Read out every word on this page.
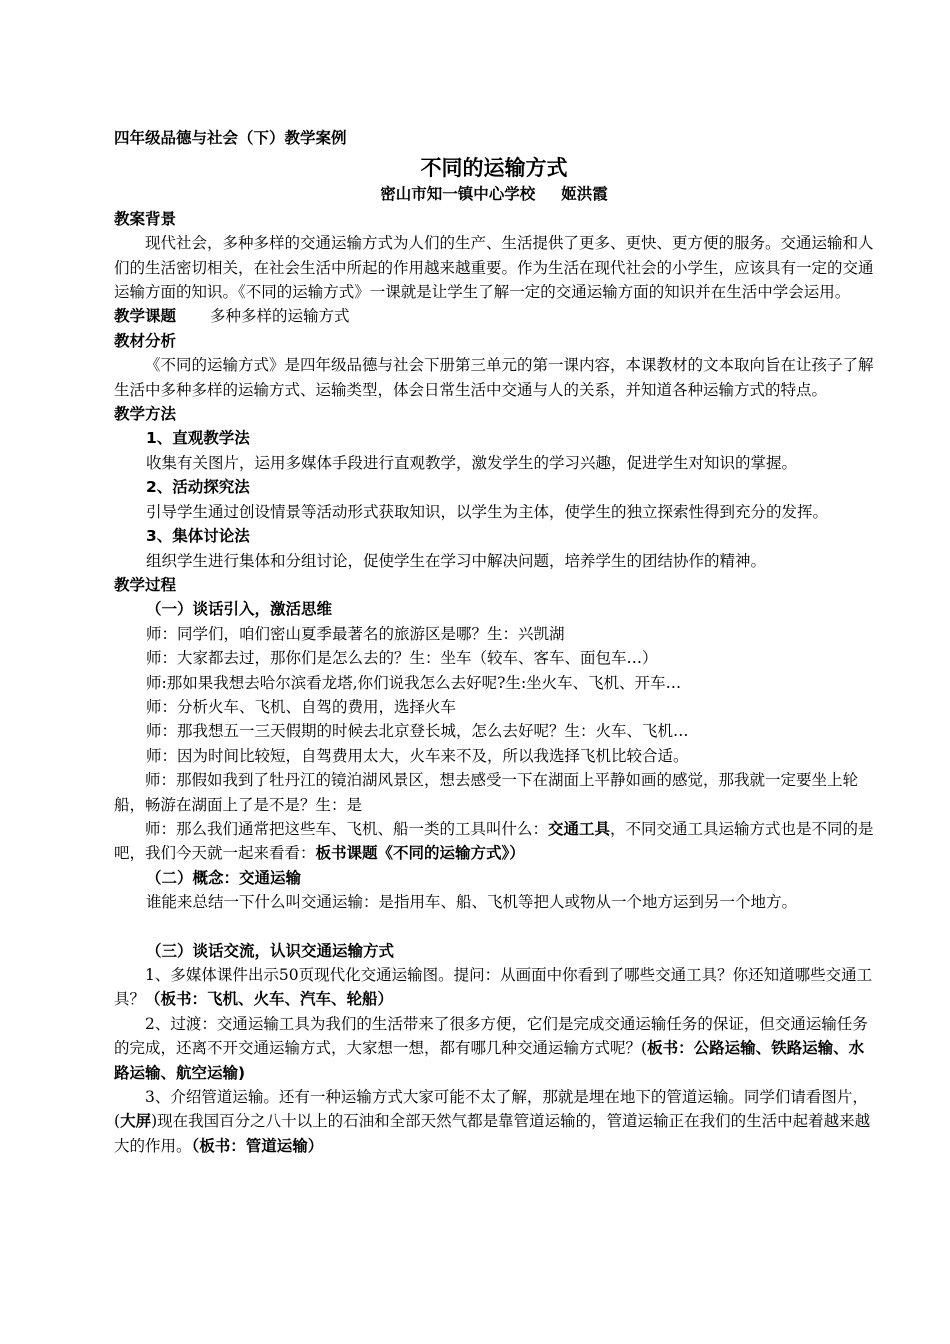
四年级品德与社会（下）教学案例

不同的运输方式

密山市知一镇中心学校 姬洪霞

教案背景

现代社会，多种多样的交通运输方式为人们的生产、生活提供了更多、更快、更方便的服务。交通运输和人们的生活密切相关，在社会生活中所起的作用越来越重要。作为生活在现代社会的小学生，应该具有一定的交通运输方面的知识。《不同的运输方式》一课就是让学生了解一定的交通运输方面的知识并在生活中学会运用。

教学课题 多种多样的运输方式

教材分析

《不同的运输方式》是四年级品德与社会下册第三单元的第一课内容，本课教材的文本取向旨在让孩子了解生活中多种多样的运输方式、运输类型，体会日常生活中交通与人的关系，并知道各种运输方式的特点。

教学方法

1、直观教学法

收集有关图片，运用多媒体手段进行直观教学，激发学生的学习兴趣，促进学生对知识的掌握。

2、活动探究法

引导学生通过创设情景等活动形式获取知识，以学生为主体，使学生的独立探索性得到充分的发挥。

3、集体讨论法

组织学生进行集体和分组讨论，促使学生在学习中解决问题，培养学生的团结协作的精神。

教学过程

（一）谈话引入，激活思维

师：同学们，咱们密山夏季最著名的旅游区是哪？生：兴凯湖

师：大家都去过，那你们是怎么去的？生：坐车（较车、客车、面包车…）

师:那如果我想去哈尔滨看龙塔,你们说我怎么去好呢?生:坐火车、飞机、开车…

师：分析火车、飞机、自驾的费用，选择火车

师：那我想五一三天假期的时候去北京登长城，怎么去好呢？生：火车、飞机…

师：因为时间比较短，自驾费用太大，火车来不及，所以我选择飞机比较合适。

师：那假如我到了牡丹江的镜泊湖风景区，想去感受一下在湖面上平静如画的感觉，那我就一定要坐上轮船，畅游在湖面上了是不是？生：是

师：那么我们通常把这些车、飞机、船一类的工具叫什么：交通工具，不同交通工具运输方式也是不同的是吧，我们今天就一起来看看：板书课题《不同的运输方式》）

（二）概念：交通运输

谁能来总结一下什么叫交通运输：是指用车、船、飞机等把人或物从一个地方运到另一个地方。

（三）谈话交流，认识交通运输方式

1、多媒体课件出示50页现代化交通运输图。提问：从画面中你看到了哪些交通工具？你还知道哪些交通工具？（板书：飞机、火车、汽车、轮船）

2、过渡：交通运输工具为我们的生活带来了很多方便，它们是完成交通运输任务的保证，但交通运输任务的完成，还离不开交通运输方式，大家想一想，都有哪几种交通运输方式呢？(板书：公路运输、铁路运输、水路运输、航空运输)

3、介绍管道运输。还有一种运输方式大家可能不太了解，那就是埋在地下的管道运输。同学们请看图片，(大屏)现在我国百分之八十以上的石油和全部天然气都是靠管道运输的，管道运输正在我们的生活中起着越来越大的作用。（板书：管道运输）
